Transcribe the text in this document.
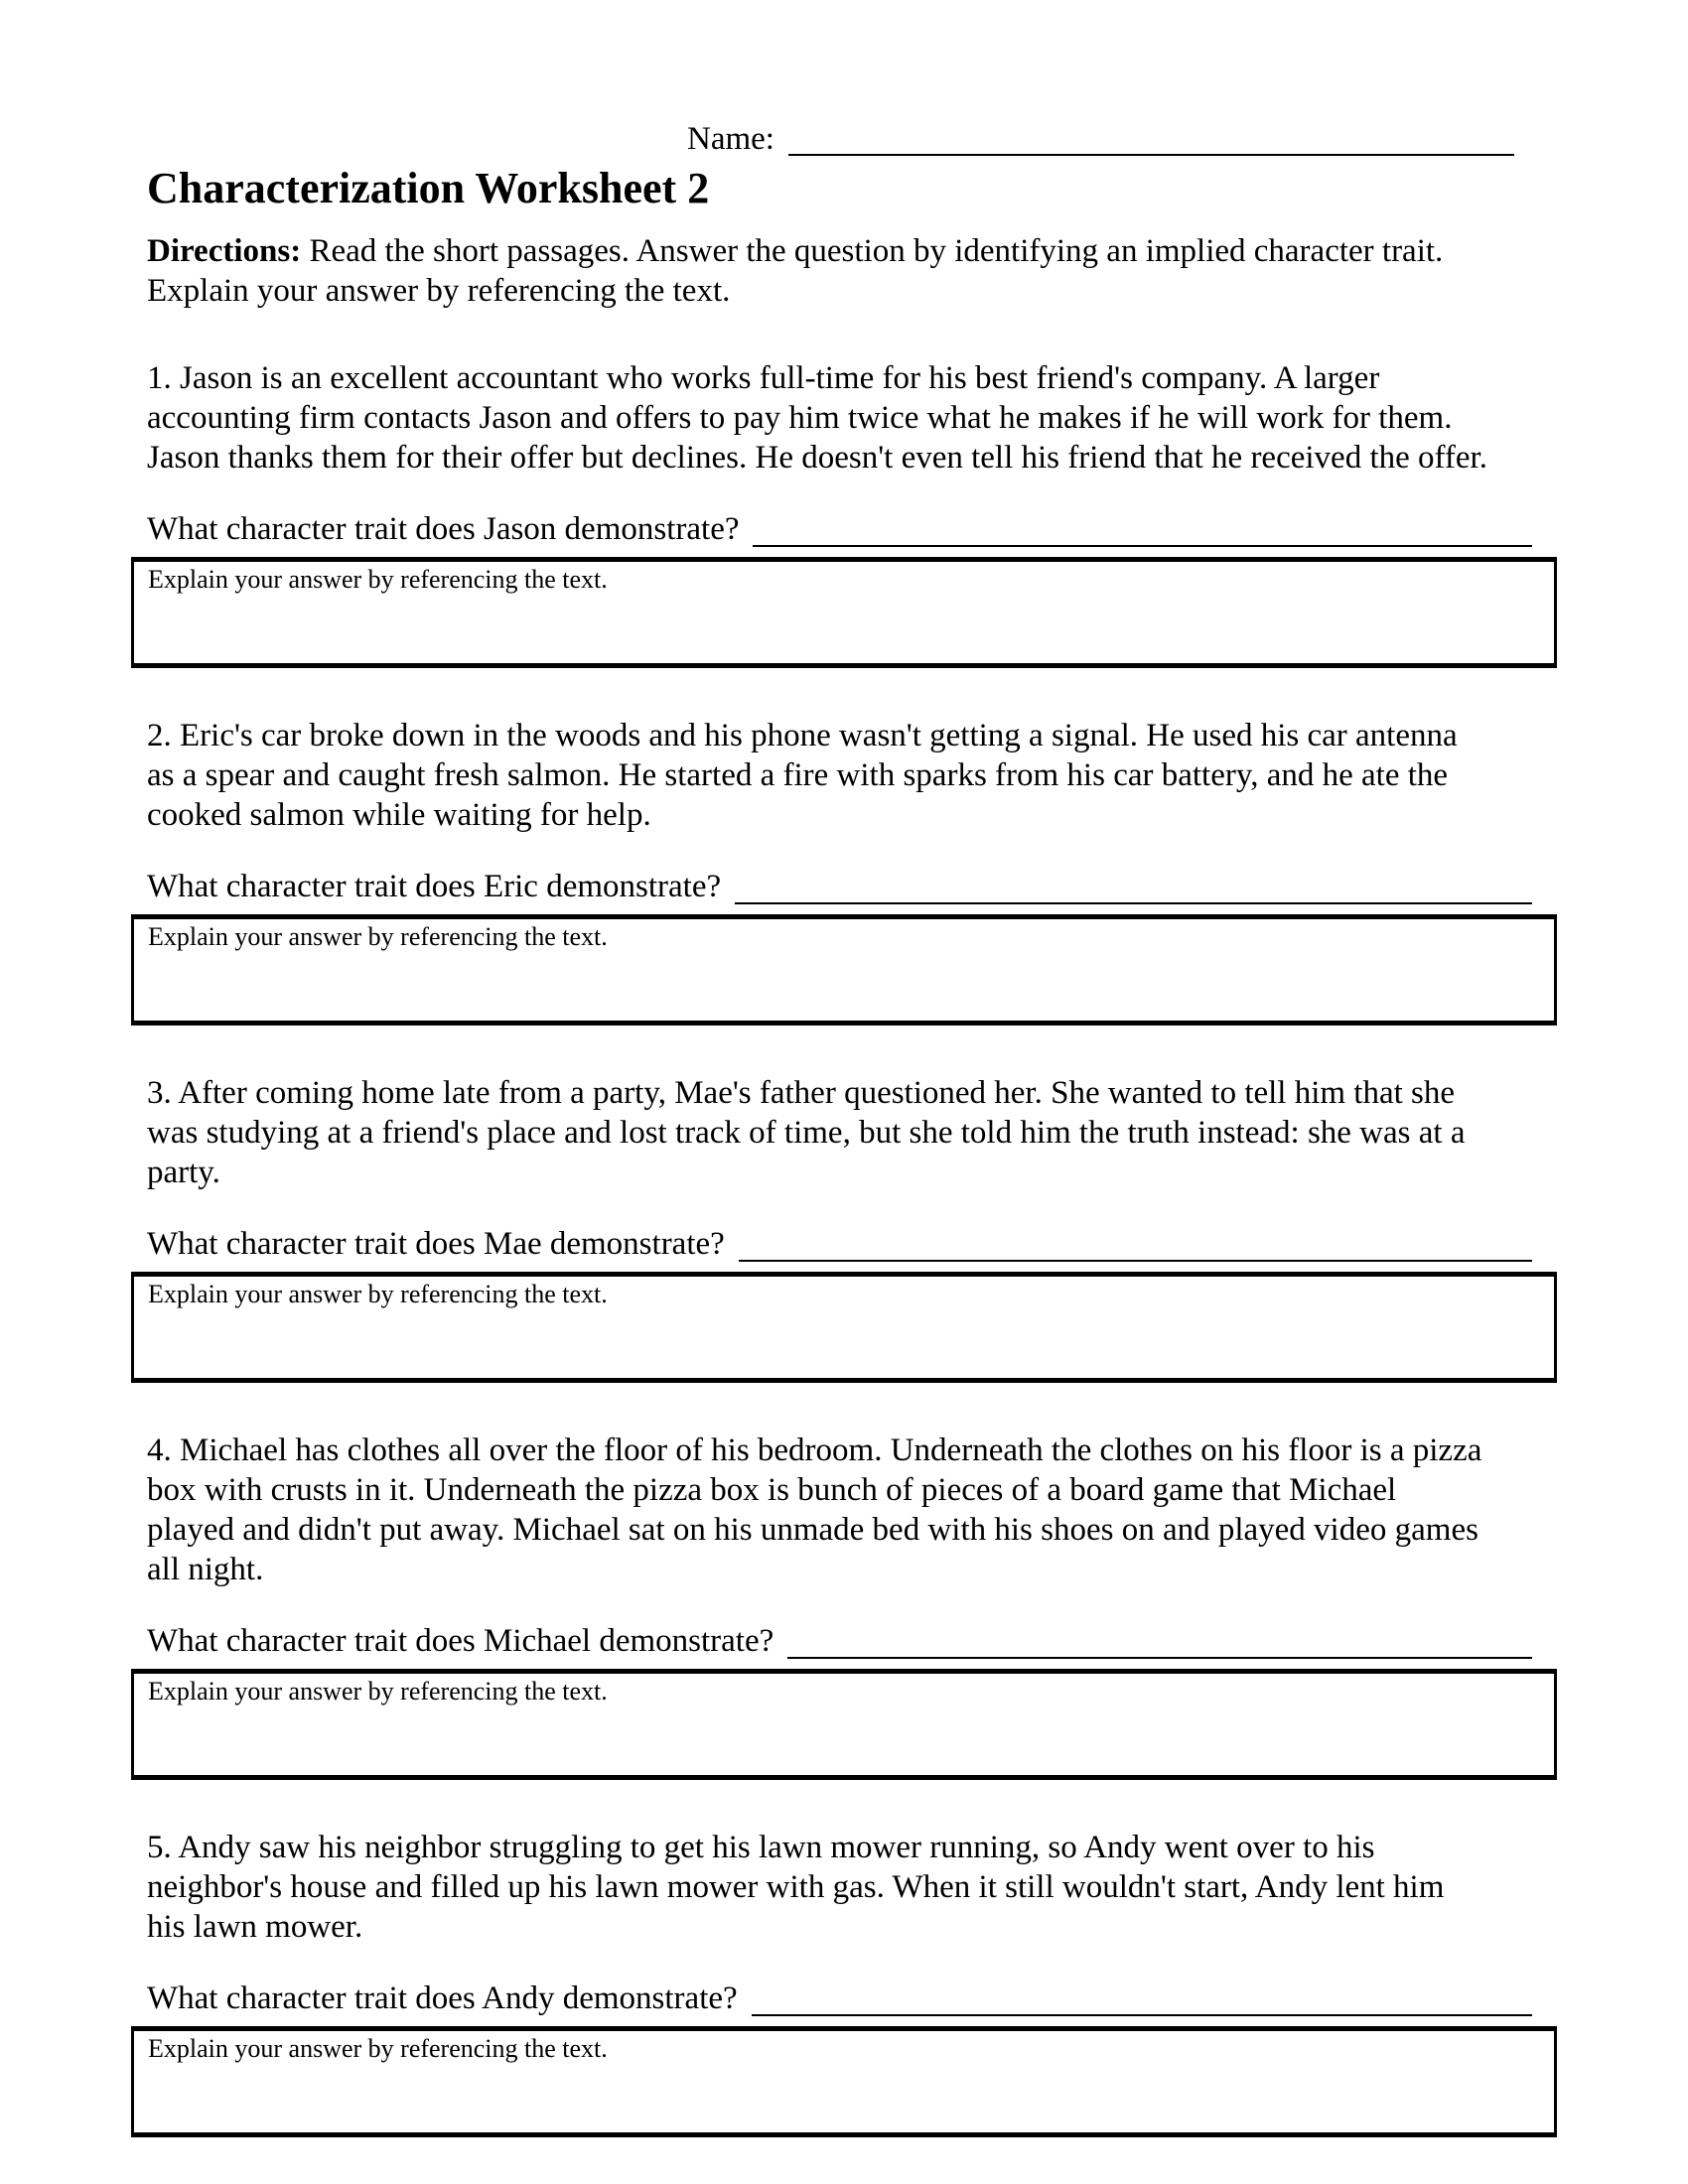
Name:
Characterization Worksheet 2

Directions: Read the short passages. Answer the question by identifying an implied character trait. Explain your answer by referencing the text.

1. Jason is an excellent accountant who works full-time for his best friend's company. A larger accounting firm contacts Jason and offers to pay him twice what he makes if he will work for them. Jason thanks them for their offer but declines. He doesn't even tell his friend that he received the offer.

What character trait does Jason demonstrate?
Explain your answer by referencing the text.

2. Eric's car broke down in the woods and his phone wasn't getting a signal. He used his car antenna as a spear and caught fresh salmon. He started a fire with sparks from his car battery, and he ate the cooked salmon while waiting for help.

What character trait does Eric demonstrate?
Explain your answer by referencing the text.

3. After coming home late from a party, Mae's father questioned her. She wanted to tell him that she was studying at a friend's place and lost track of time, but she told him the truth instead: she was at a party.

What character trait does Mae demonstrate?
Explain your answer by referencing the text.

4. Michael has clothes all over the floor of his bedroom. Underneath the clothes on his floor is a pizza box with crusts in it. Underneath the pizza box is bunch of pieces of a board game that Michael played and didn't put away. Michael sat on his unmade bed with his shoes on and played video games all night.

What character trait does Michael demonstrate?
Explain your answer by referencing the text.

5. Andy saw his neighbor struggling to get his lawn mower running, so Andy went over to his neighbor's house and filled up his lawn mower with gas. When it still wouldn't start, Andy lent him his lawn mower.

What character trait does Andy demonstrate?
Explain your answer by referencing the text.
